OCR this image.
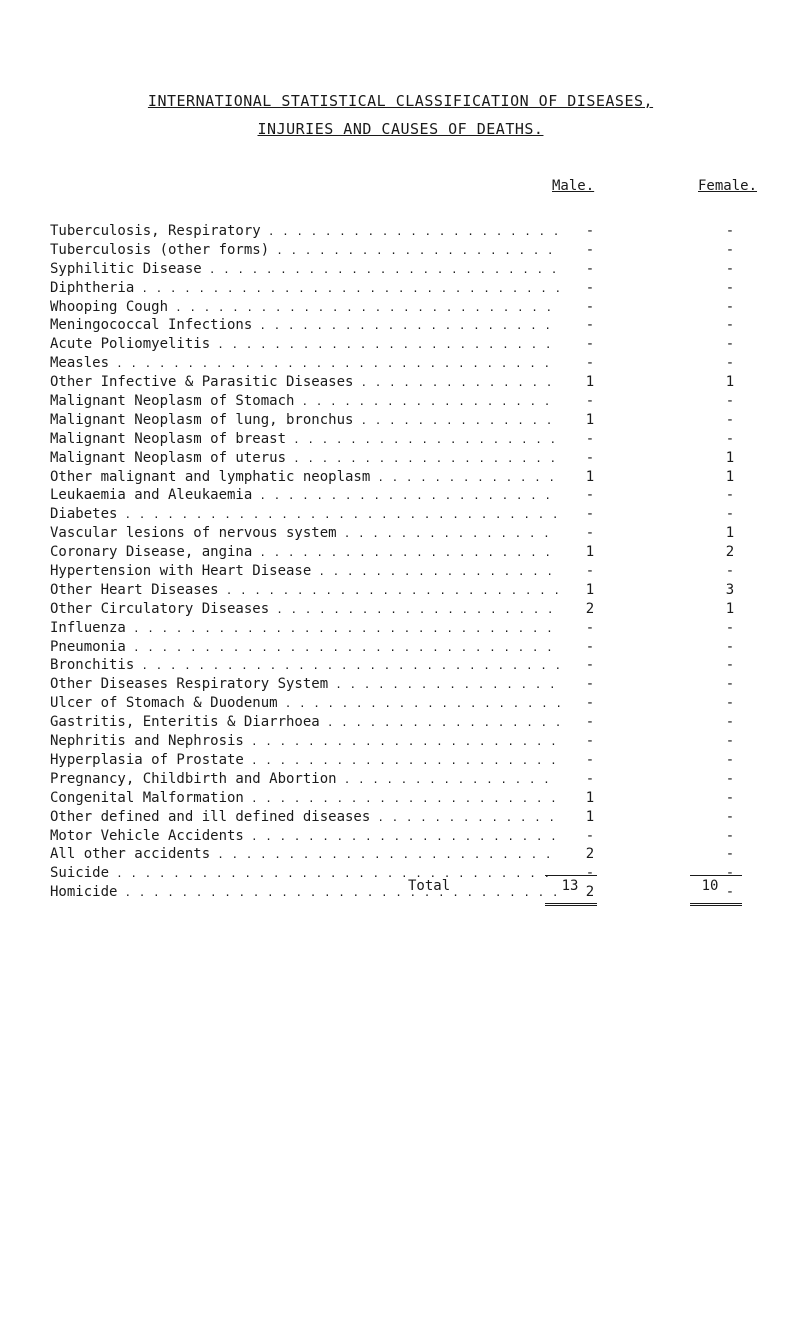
INTERNATIONAL STATISTICAL CLASSIFICATION OF DISEASES,
INJURIES AND CAUSES OF DEATHS.
Male.	Female.
Tuberculosis, Respiratory . . .	-	-
Tuberculosis (other forms) . . .	-	-
Syphilitic Disease . . .	-	-
Diphtheria . . .	-	-
Whooping Cough . . .	-	-
Meningococcal Infections . . .	-	-
Acute Poliomyelitis . . .	-	-
Measles . . .	-	-
Other Infective & Parasitic Diseases . . .	1	1
Malignant Neoplasm of Stomach . . .	-	-
Malignant Neoplasm of lung, bronchus . . .	1	-
Malignant Neoplasm of breast . . .	-	-
Malignant Neoplasm of uterus . . .	-	1
Other malignant and lymphatic neoplasm . . .	1	1
Leukaemia and Aleukaemia . . .	-	-
Diabetes . . .	-	-
Vascular lesions of nervous system . . .	-	1
Coronary Disease, angina . . .	1	2
Hypertension with Heart Disease . . .	-	-
Other Heart Diseases . . .	1	3
Other Circulatory Diseases . . .	2	1
Influenza . . .	-	-
Pneumonia . . .	-	-
Bronchitis . . .	-	-
Other Diseases Respiratory System . . .	-	-
Ulcer of Stomach & Duodenum . . .	-	-
Gastritis, Enteritis & Diarrhoea . . .	-	-
Nephritis and Nephrosis . . .	-	-
Hyperplasia of Prostate . . .	-	-
Pregnancy, Childbirth and Abortion . . .	-	-
Congenital Malformation . . .	1	-
Other defined and ill defined diseases . . .	1	-
Motor Vehicle Accidents . . .	-	-
All other accidents . . .	2	-
Suicide . . .	-	-
Homicide . . .	2	-
Total	13	10
